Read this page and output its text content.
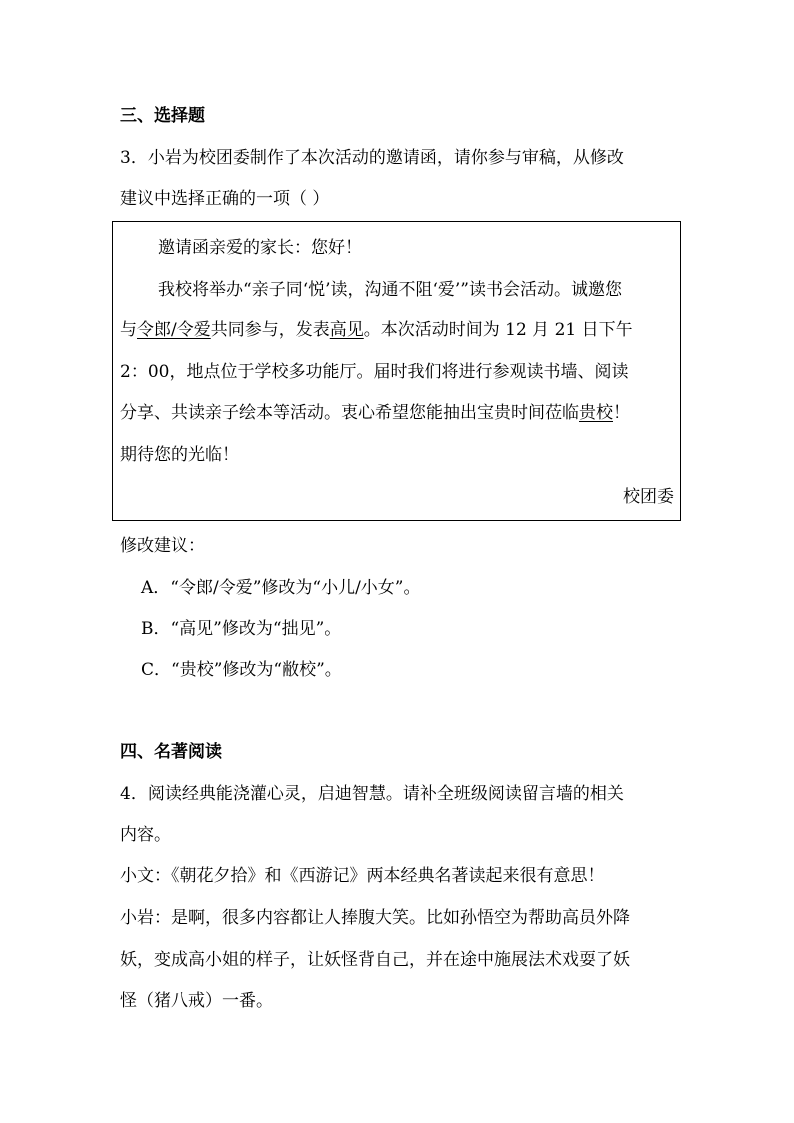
三、选择题
3．小岩为校团委制作了本次活动的邀请函，请你参与审稿，从修改
建议中选择正确的一项（ ）
邀请函亲爱的家长：您好！
我校将举办“亲子同‘悦’读，沟通不阻‘爱’”读书会活动。诚邀您
与令郎/令爱共同参与，发表高见。本次活动时间为 12 月 21 日下午
2：00，地点位于学校多功能厅。届时我们将进行参观读书墙、阅读
分享、共读亲子绘本等活动。衷心希望您能抽出宝贵时间莅临贵校！
期待您的光临！
校团委
修改建议：
A．“令郎/令爱”修改为“小儿/小女”。
B．“高见”修改为“拙见”。
C．“贵校”修改为“敝校”。
四、名著阅读
4．阅读经典能浇灌心灵，启迪智慧。请补全班级阅读留言墙的相关
内容。
小文：《朝花夕拾》和《西游记》两本经典名著读起来很有意思！
小岩：是啊，很多内容都让人捧腹大笑。比如孙悟空为帮助高员外降
妖，变成高小姐的样子，让妖怪背自己，并在途中施展法术戏耍了妖
怪（猪八戒）一番。
